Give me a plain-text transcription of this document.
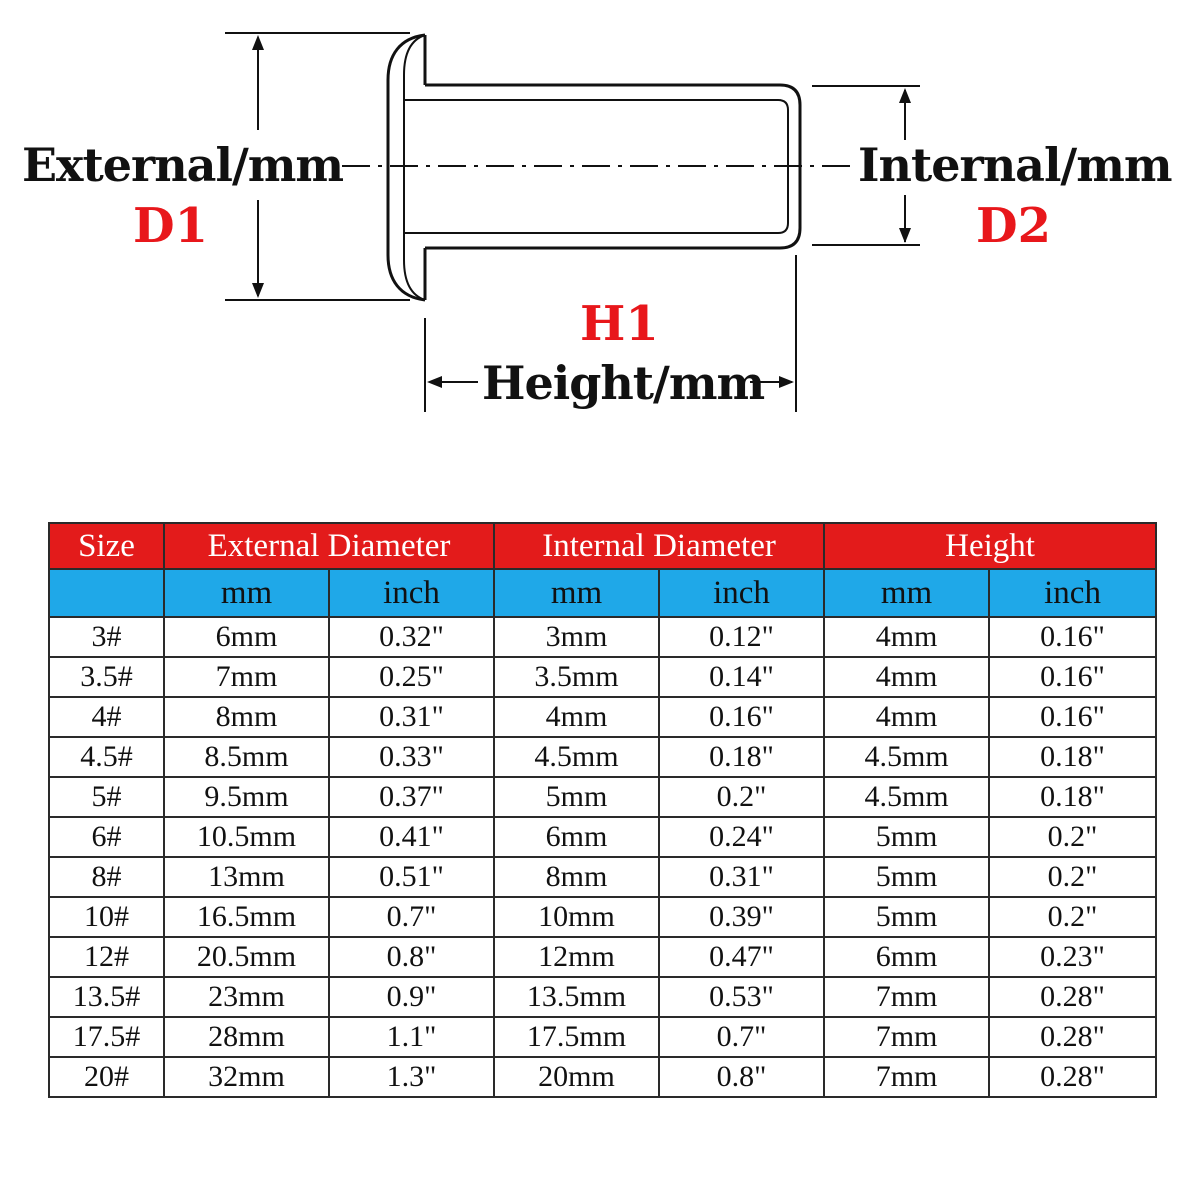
External/mm
D1
Internal/mm
D2
H1
Height/mm
Size	External Diameter		Internal Diameter		Height	
	mm	inch	mm	inch	mm	inch
3#	6mm	0.32"	3mm	0.12"	4mm	0.16"
3.5#	7mm	0.25"	3.5mm	0.14"	4mm	0.16"
4#	8mm	0.31"	4mm	0.16"	4mm	0.16"
4.5#	8.5mm	0.33"	4.5mm	0.18"	4.5mm	0.18"
5#	9.5mm	0.37"	5mm	0.2"	4.5mm	0.18"
6#	10.5mm	0.41"	6mm	0.24"	5mm	0.2"
8#	13mm	0.51"	8mm	0.31"	5mm	0.2"
10#	16.5mm	0.7"	10mm	0.39"	5mm	0.2"
12#	20.5mm	0.8"	12mm	0.47"	6mm	0.23"
13.5#	23mm	0.9"	13.5mm	0.53"	7mm	0.28"
17.5#	28mm	1.1"	17.5mm	0.7"	7mm	0.28"
20#	32mm	1.3"	20mm	0.8"	7mm	0.28"
